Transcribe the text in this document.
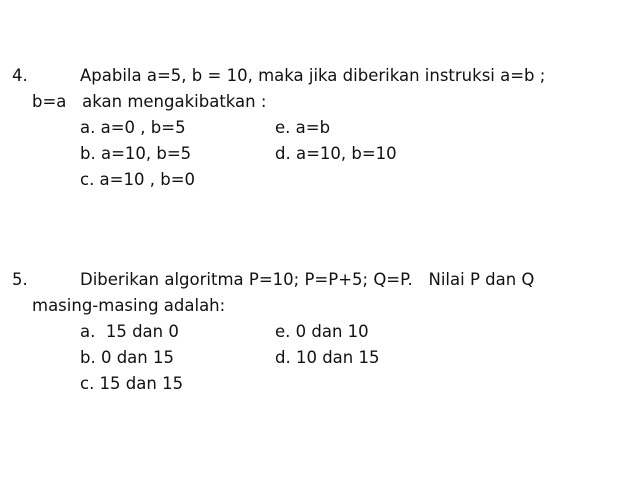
4.	Apabila a=5, b = 10, maka jika diberikan instruksi a=b ;
b=a   akan mengakibatkan :
a. a=0 , b=5	e. a=b
b. a=10, b=5	d. a=10, b=10
c. a=10 , b=0
5.	Diberikan algoritma P=10; P=P+5; Q=P.   Nilai P dan Q
masing-masing adalah:
a.  15 dan 0	e. 0 dan 10
b. 0 dan 15	d. 10 dan 15
c. 15 dan 15
